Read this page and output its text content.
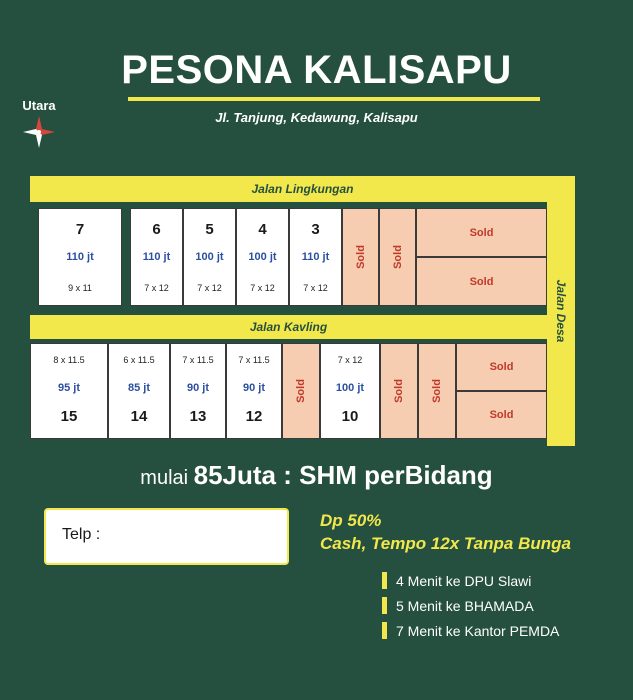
PESONA KALISAPU
Jl. Tanjung, Kedawung, Kalisapu
Utara
Jalan Lingkungan
Jalan Desa
Jalan Kavling
7
110 jt
9 x 11
6
110 jt
7 x 12
5
100 jt
7 x 12
4
100 jt
7 x 12
3
110 jt
7 x 12
Sold Sold
Sold
Sold
8 x 11.5
95 jt
15
6 x 11.5
85 jt
14
7 x 11.5
90 jt
13
7 x 11.5
90 jt
12
Sold
7 x 12
100 jt
10
Sold Sold
Sold
Sold
mulai 85Juta : SHM perBidang
Telp :
Dp 50%
Cash, Tempo 12x Tanpa Bunga
4 Menit ke DPU Slawi
5 Menit ke BHAMADA
7 Menit ke Kantor PEMDA
